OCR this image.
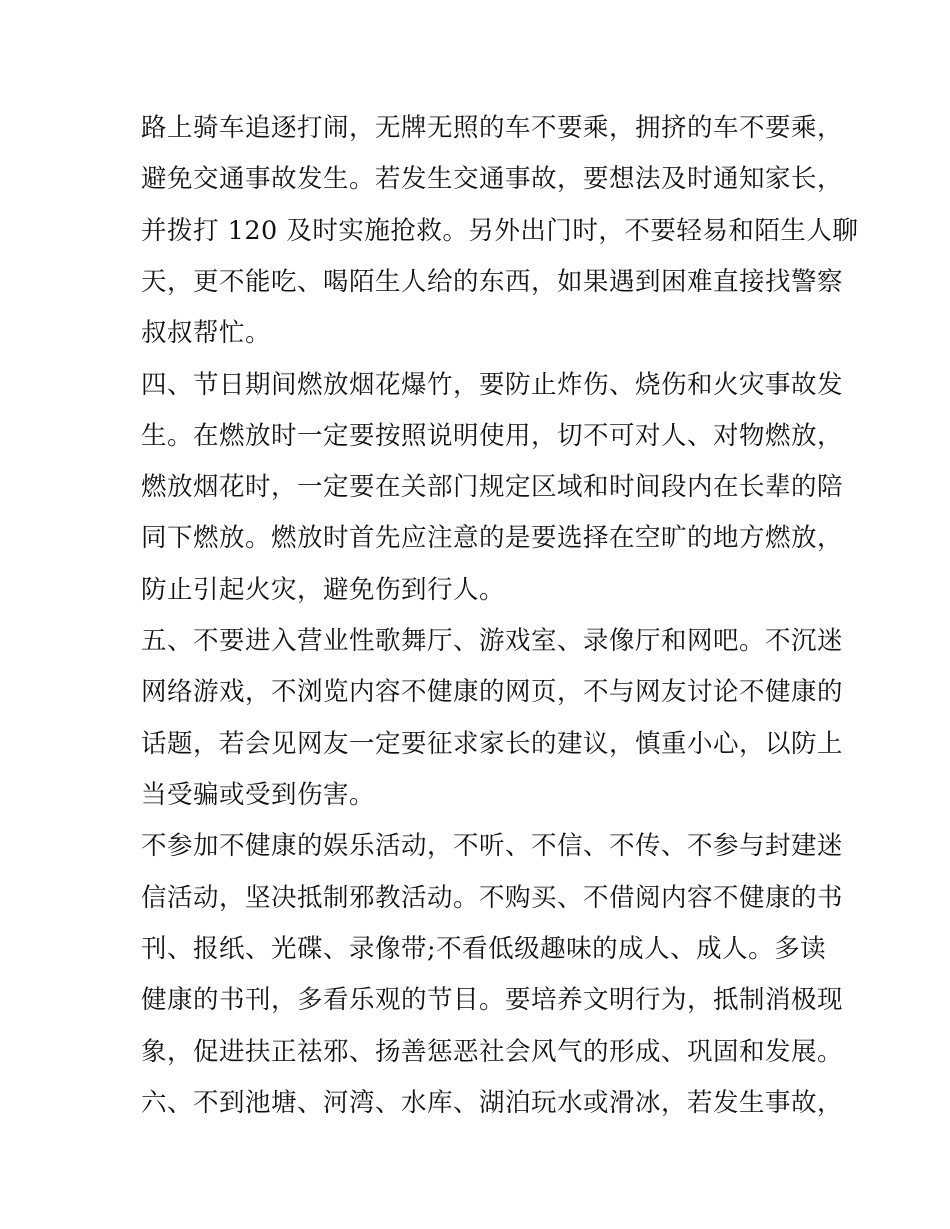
路上骑车追逐打闹，无牌无照的车不要乘，拥挤的车不要乘，
避免交通事故发生。若发生交通事故，要想法及时通知家长，
并拨打 120 及时实施抢救。另外出门时，不要轻易和陌生人聊
天，更不能吃、喝陌生人给的东西，如果遇到困难直接找警察
叔叔帮忙。
四、节日期间燃放烟花爆竹，要防止炸伤、烧伤和火灾事故发
生。在燃放时一定要按照说明使用，切不可对人、对物燃放，
燃放烟花时，一定要在关部门规定区域和时间段内在长辈的陪
同下燃放。燃放时首先应注意的是要选择在空旷的地方燃放，
防止引起火灾，避免伤到行人。
五、不要进入营业性歌舞厅、游戏室、录像厅和网吧。不沉迷
网络游戏，不浏览内容不健康的网页，不与网友讨论不健康的
话题，若会见网友一定要征求家长的建议，慎重小心，以防上
当受骗或受到伤害。
不参加不健康的娱乐活动，不听、不信、不传、不参与封建迷
信活动，坚决抵制邪教活动。不购买、不借阅内容不健康的书
刊、报纸、光碟、录像带;不看低级趣味的成人、成人。多读
健康的书刊，多看乐观的节目。要培养文明行为，抵制消极现
象，促进扶正祛邪、扬善惩恶社会风气的形成、巩固和发展。
六、不到池塘、河湾、水库、湖泊玩水或滑冰，若发生事故，
